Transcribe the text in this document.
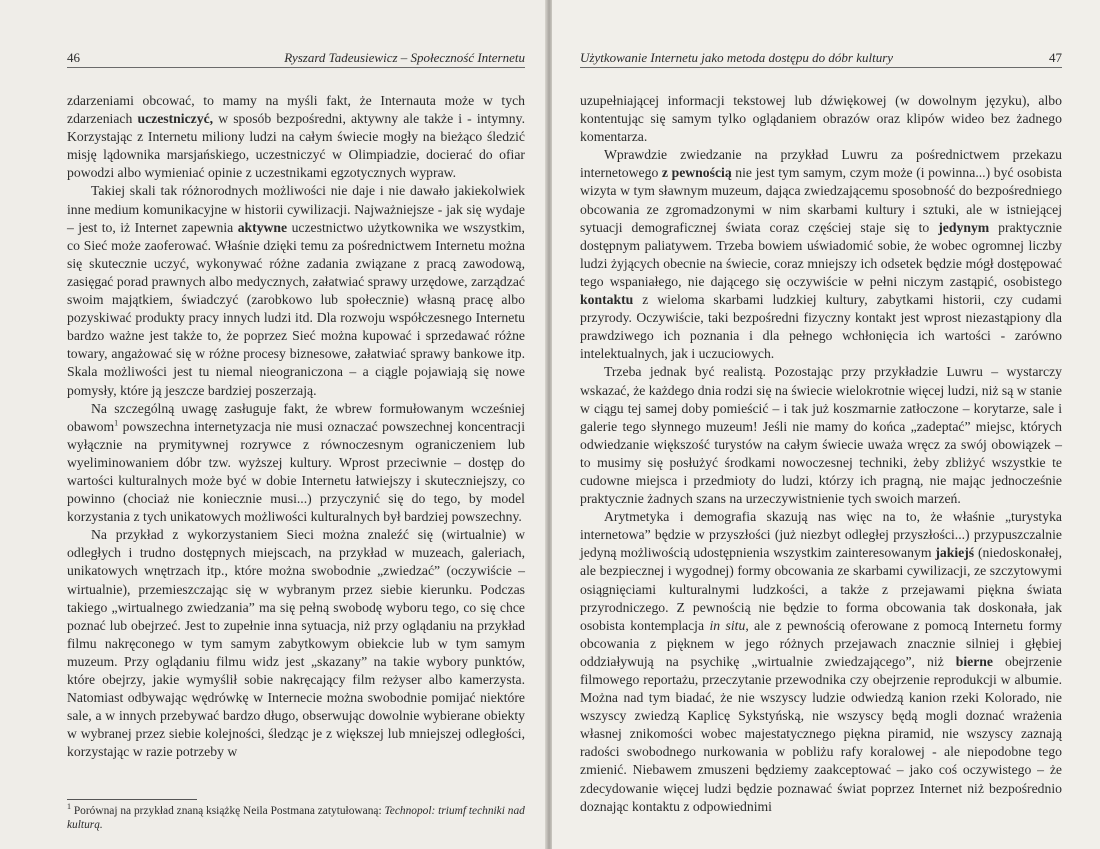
46	Ryszard Tadeusiewicz – Społeczność Internetu

zdarzeniami obcować, to mamy na myśli fakt, że Internauta może w tych zdarzeniach uczestniczyć, w sposób bezpośredni, aktywny ale także i - intymny. Korzystając z Internetu miliony ludzi na całym świecie mogły na bieżąco śledzić misję lądownika marsjańskiego, uczestniczyć w Olimpiadzie, docierać do ofiar powodzi albo wymieniać opinie z uczestnikami egzotycznych wypraw.

Takiej skali tak różnorodnych możliwości nie daje i nie dawało jakiekolwiek inne medium komunikacyjne w historii cywilizacji. Najważniejsze - jak się wydaje – jest to, iż Internet zapewnia aktywne uczestnictwo użytkownika we wszystkim, co Sieć może zaoferować. Właśnie dzięki temu za pośrednictwem Internetu można się skutecznie uczyć, wykonywać różne zadania związane z pracą zawodową, zasięgać porad prawnych albo medycznych, załatwiać sprawy urzędowe, zarządzać swoim majątkiem, świadczyć (zarobkowo lub społecznie) własną pracę albo pozyskiwać produkty pracy innych ludzi itd. Dla rozwoju współczesnego Internetu bardzo ważne jest także to, że poprzez Sieć można kupować i sprzedawać różne towary, angażować się w różne procesy biznesowe, załatwiać sprawy bankowe itp. Skala możliwości jest tu niemal nieograniczona – a ciągle pojawiają się nowe pomysły, które ją jeszcze bardziej poszerzają.

Na szczególną uwagę zasługuje fakt, że wbrew formułowanym wcześniej obawom$^1$ powszechna internetyzacja nie musi oznaczać powszechnej koncentracji wyłącznie na prymitywnej rozrywce z równoczesnym ograniczeniem lub wyeliminowaniem dóbr tzw. wyższej kultury. Wprost przeciwnie – dostęp do wartości kulturalnych może być w dobie Internetu łatwiejszy i skuteczniejszy, co powinno (chociaż nie koniecznie musi...) przyczynić się do tego, by model korzystania z tych unikatowych możliwości kulturalnych był bardziej powszechny.

Na przykład z wykorzystaniem Sieci można znaleźć się (wirtualnie) w odległych i trudno dostępnych miejscach, na przykład w muzeach, galeriach, unikatowych wnętrzach itp., które można swobodnie „zwiedzać” (oczywiście – wirtualnie), przemieszczając się w wybranym przez siebie kierunku. Podczas takiego „wirtualnego zwiedzania” ma się pełną swobodę wyboru tego, co się chce poznać lub obejrzeć. Jest to zupełnie inna sytuacja, niż przy oglądaniu na przykład filmu nakręconego w tym samym zabytkowym obiekcie lub w tym samym muzeum. Przy oglądaniu filmu widz jest „skazany” na takie wybory punktów, które obejrzy, jakie wymyślił sobie nakręcający film reżyser albo kamerzysta. Natomiast odbywając wędrówkę w Internecie można swobodnie pomijać niektóre sale, a w innych przebywać bardzo długo, obserwując dowolnie wybierane obiekty w wybranej przez siebie kolejności, śledząc je z większej lub mniejszej odległości, korzystając w razie potrzeby w

$^1$ Porównaj na przykład znaną książkę Neila Postmana zatytułowaną: Technopol: triumf techniki nad kulturą.
Użytkowanie Internetu jako metoda dostępu do dóbr kultury	47

uzupełniającej informacji tekstowej lub dźwiękowej (w dowolnym języku), albo kontentując się samym tylko oglądaniem obrazów oraz klipów wideo bez żadnego komentarza.

Wprawdzie zwiedzanie na przykład Luwru za pośrednictwem przekazu internetowego z pewnością nie jest tym samym, czym może (i powinna...) być osobista wizyta w tym sławnym muzeum, dająca zwiedzającemu sposobność do bezpośredniego obcowania ze zgromadzonymi w nim skarbami kultury i sztuki, ale w istniejącej sytuacji demograficznej świata coraz częściej staje się to jedynym praktycznie dostępnym paliatywem. Trzeba bowiem uświadomić sobie, że wobec ogromnej liczby ludzi żyjących obecnie na świecie, coraz mniejszy ich odsetek będzie mógł dostępować tego wspaniałego, nie dającego się oczywiście w pełni niczym zastąpić, osobistego kontaktu z wieloma skarbami ludzkiej kultury, zabytkami historii, czy cudami przyrody. Oczywiście, taki bezpośredni fizyczny kontakt jest wprost niezastąpiony dla prawdziwego ich poznania i dla pełnego wchłonięcia ich wartości - zarówno intelektualnych, jak i uczuciowych.

Trzeba jednak być realistą. Pozostając przy przykładzie Luwru – wystarczy wskazać, że każdego dnia rodzi się na świecie wielokrotnie więcej ludzi, niż są w stanie w ciągu tej samej doby pomieścić – i tak już koszmarnie zatłoczone – korytarze, sale i galerie tego słynnego muzeum! Jeśli nie mamy do końca „zadeptać” miejsc, których odwiedzanie większość turystów na całym świecie uważa wręcz za swój obowiązek – to musimy się posłużyć środkami nowoczesnej techniki, żeby zbliżyć wszystkie te cudowne miejsca i przedmioty do ludzi, którzy ich pragną, nie mając jednocześnie praktycznie żadnych szans na urzeczywistnienie tych swoich marzeń.

Arytmetyka i demografia skazują nas więc na to, że właśnie „turystyka internetowa” będzie w przyszłości (już niezbyt odległej przyszłości...) przypuszczalnie jedyną możliwością udostępnienia wszystkim zainteresowanym jakiejś (niedoskonałej, ale bezpiecznej i wygodnej) formy obcowania ze skarbami cywilizacji, ze szczytowymi osiągnięciami kulturalnymi ludzkości, a także z przejawami piękna świata przyrodniczego. Z pewnością nie będzie to forma obcowania tak doskonała, jak osobista kontemplacja in situ, ale z pewnością oferowane z pomocą Internetu formy obcowania z pięknem w jego różnych przejawach znacznie silniej i głębiej oddziaływują na psychikę „wirtualnie zwiedzającego”, niż bierne obejrzenie filmowego reportażu, przeczytanie przewodnika czy obejrzenie reprodukcji w albumie. Można nad tym biadać, że nie wszyscy ludzie odwiedzą kanion rzeki Kolorado, nie wszyscy zwiedzą Kaplicę Sykstyńską, nie wszyscy będą mogli doznać wrażenia własnej znikomości wobec majestatycznego piękna piramid, nie wszyscy zaznają radości swobodnego nurkowania w pobliżu rafy koralowej - ale niepodobne tego zmienić. Niebawem zmuszeni będziemy zaakceptować – jako coś oczywistego – że zdecydowanie więcej ludzi będzie poznawać świat poprzez Internet niż bezpośrednio doznając kontaktu z odpowiednimi
